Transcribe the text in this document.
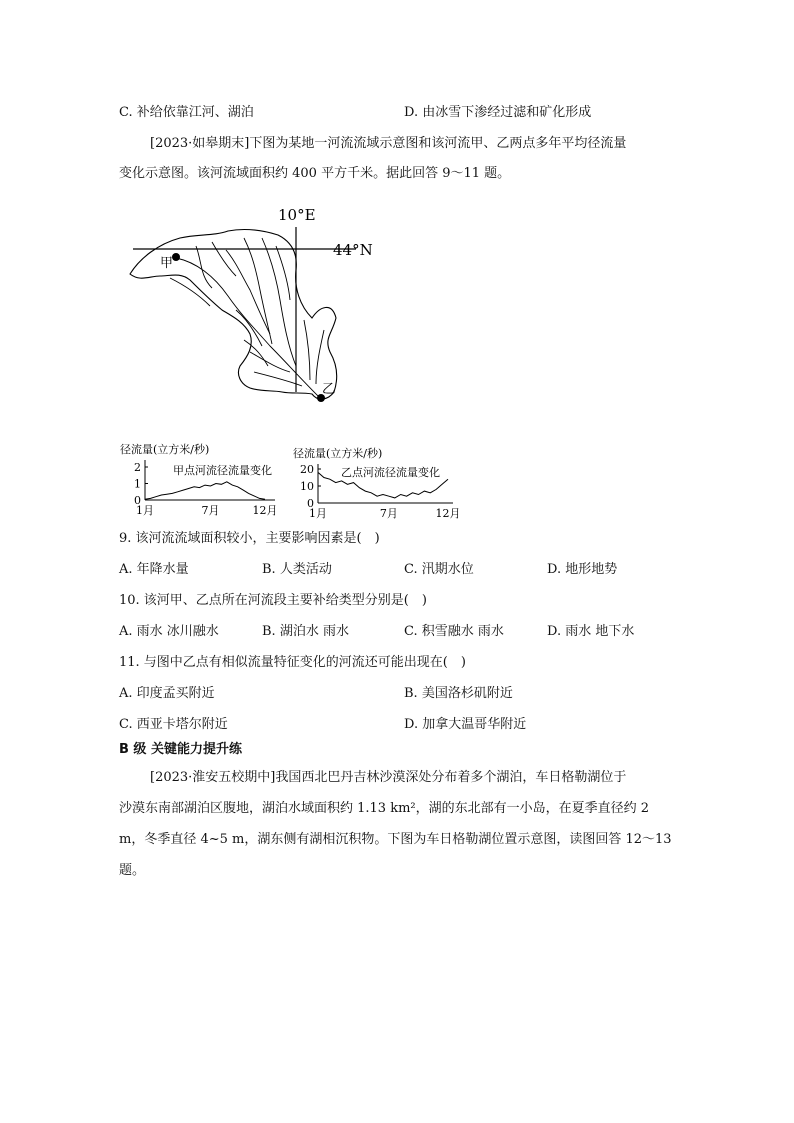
C. 补给依靠江河、湖泊	D. 由冰雪下渗经过滤和矿化形成
[2023·如皋期末]下图为某地一河流流域示意图和该河流甲、乙两点多年平均径流量
变化示意图。该河流域面积约 400 平方千米。据此回答 9～11 题。
10°E
44°N
甲
乙
径流量(立方米/秒)
甲点河流径流量变化
2
1
0
1月	7月	12月
径流量(立方米/秒)
乙点河流径流量变化
20
10
0
1月	7月	12月
9. 该河流流域面积较小，主要影响因素是(　)
A. 年降水量	B. 人类活动	C. 汛期水位	D. 地形地势
10. 该河甲、乙点所在河流段主要补给类型分别是(　)
A. 雨水 冰川融水	B. 湖泊水 雨水	C. 积雪融水 雨水	D. 雨水 地下水
11. 与图中乙点有相似流量特征变化的河流还可能出现在(　)
A. 印度孟买附近	B. 美国洛杉矶附近
C. 西亚卡塔尔附近	D. 加拿大温哥华附近
B 级 关键能力提升练
[2023·淮安五校期中]我国西北巴丹吉林沙漠深处分布着多个湖泊，车日格勒湖位于
沙漠东南部湖泊区腹地，湖泊水域面积约 1.13 km²，湖的东北部有一小岛，在夏季直径约 2
m，冬季直径 4~5 m，湖东侧有湖相沉积物。下图为车日格勒湖位置示意图，读图回答 12～13
题。
